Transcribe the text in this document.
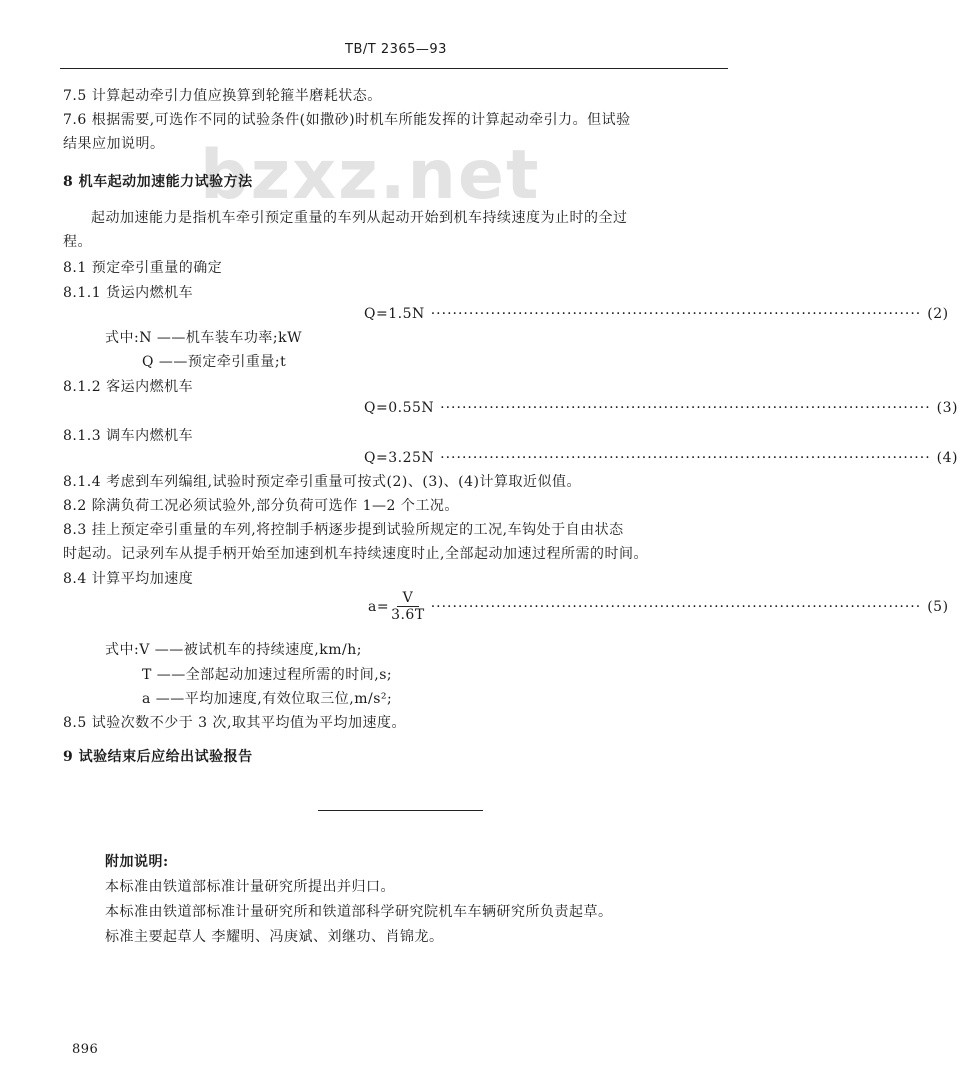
TB/T 2365—93
bzxz.net
7.5 计算起动牵引力值应换算到轮箍半磨耗状态。
7.6 根据需要,可选作不同的试验条件(如撒砂)时机车所能发挥的计算起动牵引力。但试验
结果应加说明。
8 机车起动加速能力试验方法
起动加速能力是指机车牵引预定重量的车列从起动开始到机车持续速度为止时的全过
程。
8.1 预定牵引重量的确定
8.1.1 货运内燃机车
Q=1.5N ·························································································· (2)
式中:N ——机车装车功率;kW
Q ——预定牵引重量;t
8.1.2 客运内燃机车
Q=0.55N ·························································································· (3)
8.1.3 调车内燃机车
Q=3.25N ·························································································· (4)
8.1.4 考虑到车列编组,试验时预定牵引重量可按式(2)、(3)、(4)计算取近似值。
8.2 除满负荷工况必须试验外,部分负荷可选作 1—2 个工况。
8.3 挂上预定牵引重量的车列,将控制手柄逐步提到试验所规定的工况,车钩处于自由状态
时起动。记录列车从提手柄开始至加速到机车持续速度时止,全部起动加速过程所需的时间。
8.4 计算平均加速度
$a= \frac{V}{3.6T}$ ·························································································· (5)
式中:V ——被试机车的持续速度,km/h;
T ——全部起动加速过程所需的时间,s;
a ——平均加速度,有效位取三位,m/s²;
8.5 试验次数不少于 3 次,取其平均值为平均加速度。
9 试验结束后应给出试验报告
附加说明:
本标准由铁道部标准计量研究所提出并归口。
本标准由铁道部标准计量研究所和铁道部科学研究院机车车辆研究所负责起草。
标准主要起草人 李耀明、冯庚斌、刘继功、肖锦龙。
896
